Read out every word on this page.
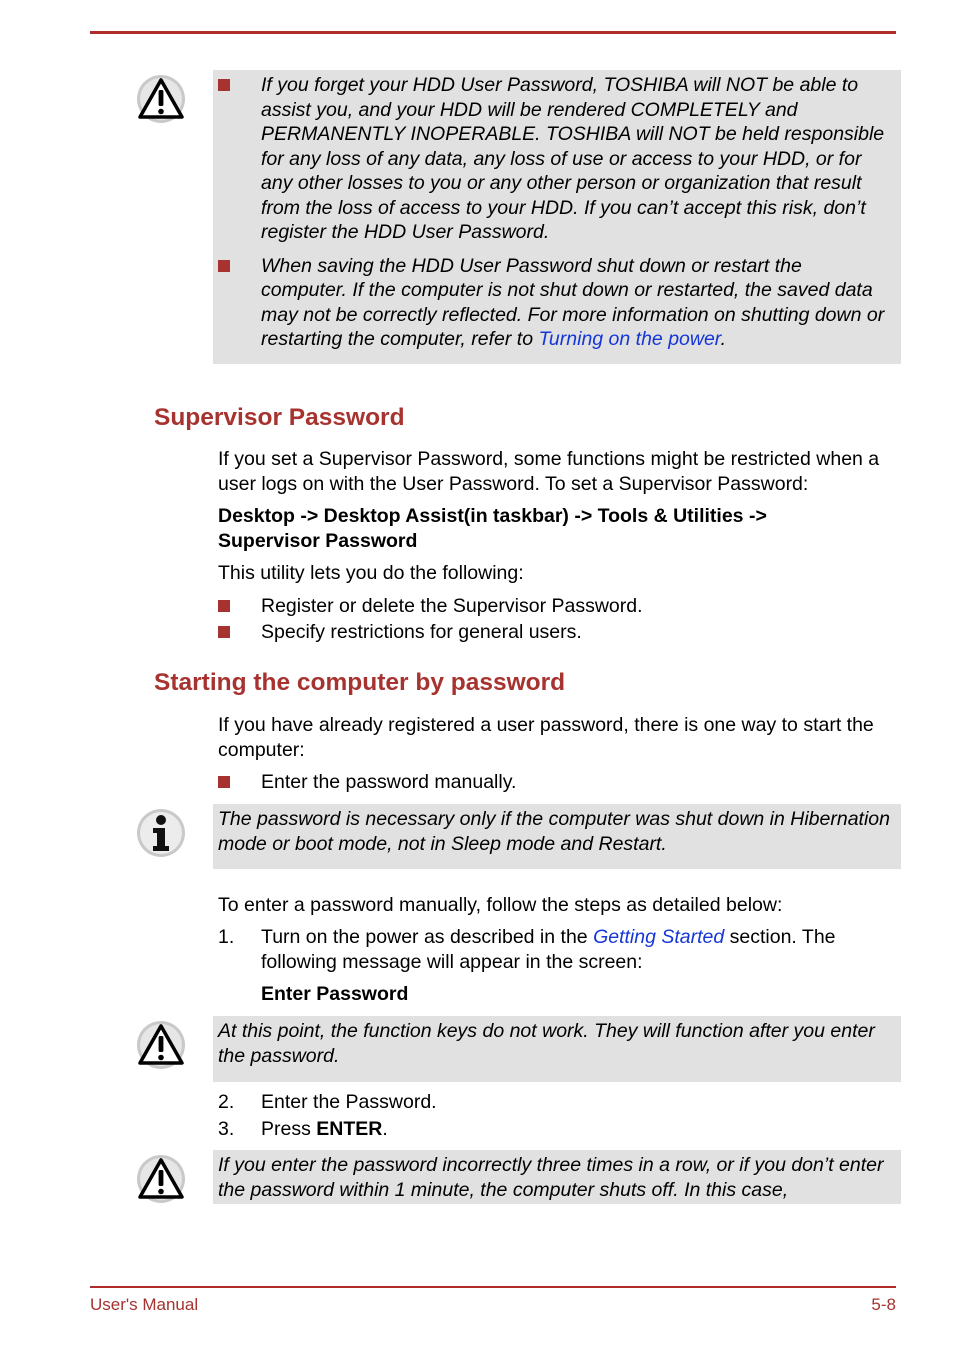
If you forget your HDD User Password, TOSHIBA will NOT be able to assist you, and your HDD will be rendered COMPLETELY and PERMANENTLY INOPERABLE. TOSHIBA will NOT be held responsible for any loss of any data, any loss of use or access to your HDD, or for any other losses to you or any other person or organization that result from the loss of access to your HDD. If you can’t accept this risk, don’t register the HDD User Password.

When saving the HDD User Password shut down or restart the computer. If the computer is not shut down or restarted, the saved data may not be correctly reflected. For more information on shutting down or restarting the computer, refer to Turning on the power.

Supervisor Password

If you set a Supervisor Password, some functions might be restricted when a user logs on with the User Password. To set a Supervisor Password:

Desktop -> Desktop Assist(in taskbar) -> Tools & Utilities -> Supervisor Password

This utility lets you do the following:

Register or delete the Supervisor Password.
Specify restrictions for general users.
Starting the computer by password

If you have already registered a user password, there is one way to start the computer:

Enter the password manually.

The password is necessary only if the computer was shut down in Hibernation mode or boot mode, not in Sleep mode and Restart.

To enter a password manually, follow the steps as detailed below:

1. Turn on the power as described in the Getting Started section. The following message will appear in the screen:

Enter Password

At this point, the function keys do not work. They will function after you enter the password.

2. Enter the Password.
3. Press ENTER.

If you enter the password incorrectly three times in a row, or if you don’t enter the password within 1 minute, the computer shuts off. In this case,

User's Manual	5-8
